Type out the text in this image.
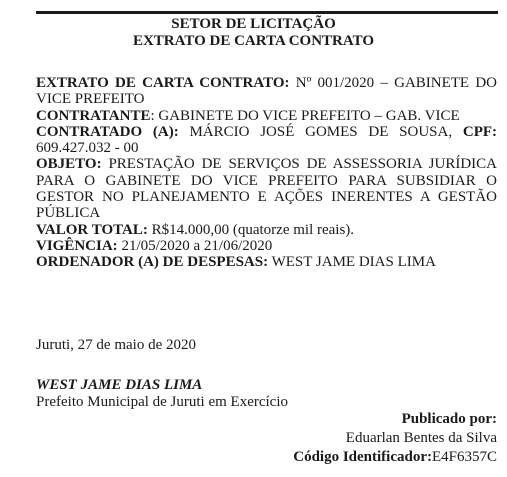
SETOR DE LICITAÇÃO
EXTRATO DE CARTA CONTRATO

EXTRATO DE CARTA CONTRATO: Nº 001/2020 – GABINETE DO VICE PREFEITO

CONTRATANTE: GABINETE DO VICE PREFEITO – GAB. VICE

CONTRATADO (A): MÁRCIO JOSÉ GOMES DE SOUSA, CPF: 609.427.032 - 00

OBJETO: PRESTAÇÃO DE SERVIÇOS DE ASSESSORIA JURÍDICA PARA O GABINETE DO VICE PREFEITO PARA SUBSIDIAR O GESTOR NO PLANEJAMENTO E AÇÕES INERENTES A GESTÃO PÚBLICA

VALOR TOTAL: R$14.000,00 (quatorze mil reais).

VIGÊNCIA: 21/05/2020 a 21/06/2020

ORDENADOR (A) DE DESPESAS: WEST JAME DIAS LIMA

Juruti, 27 de maio de 2020
WEST JAME DIAS LIMA
Prefeito Municipal de Juruti em Exercício
Publicado por:
Eduarlan Bentes da Silva
Código Identificador:E4F6357C
